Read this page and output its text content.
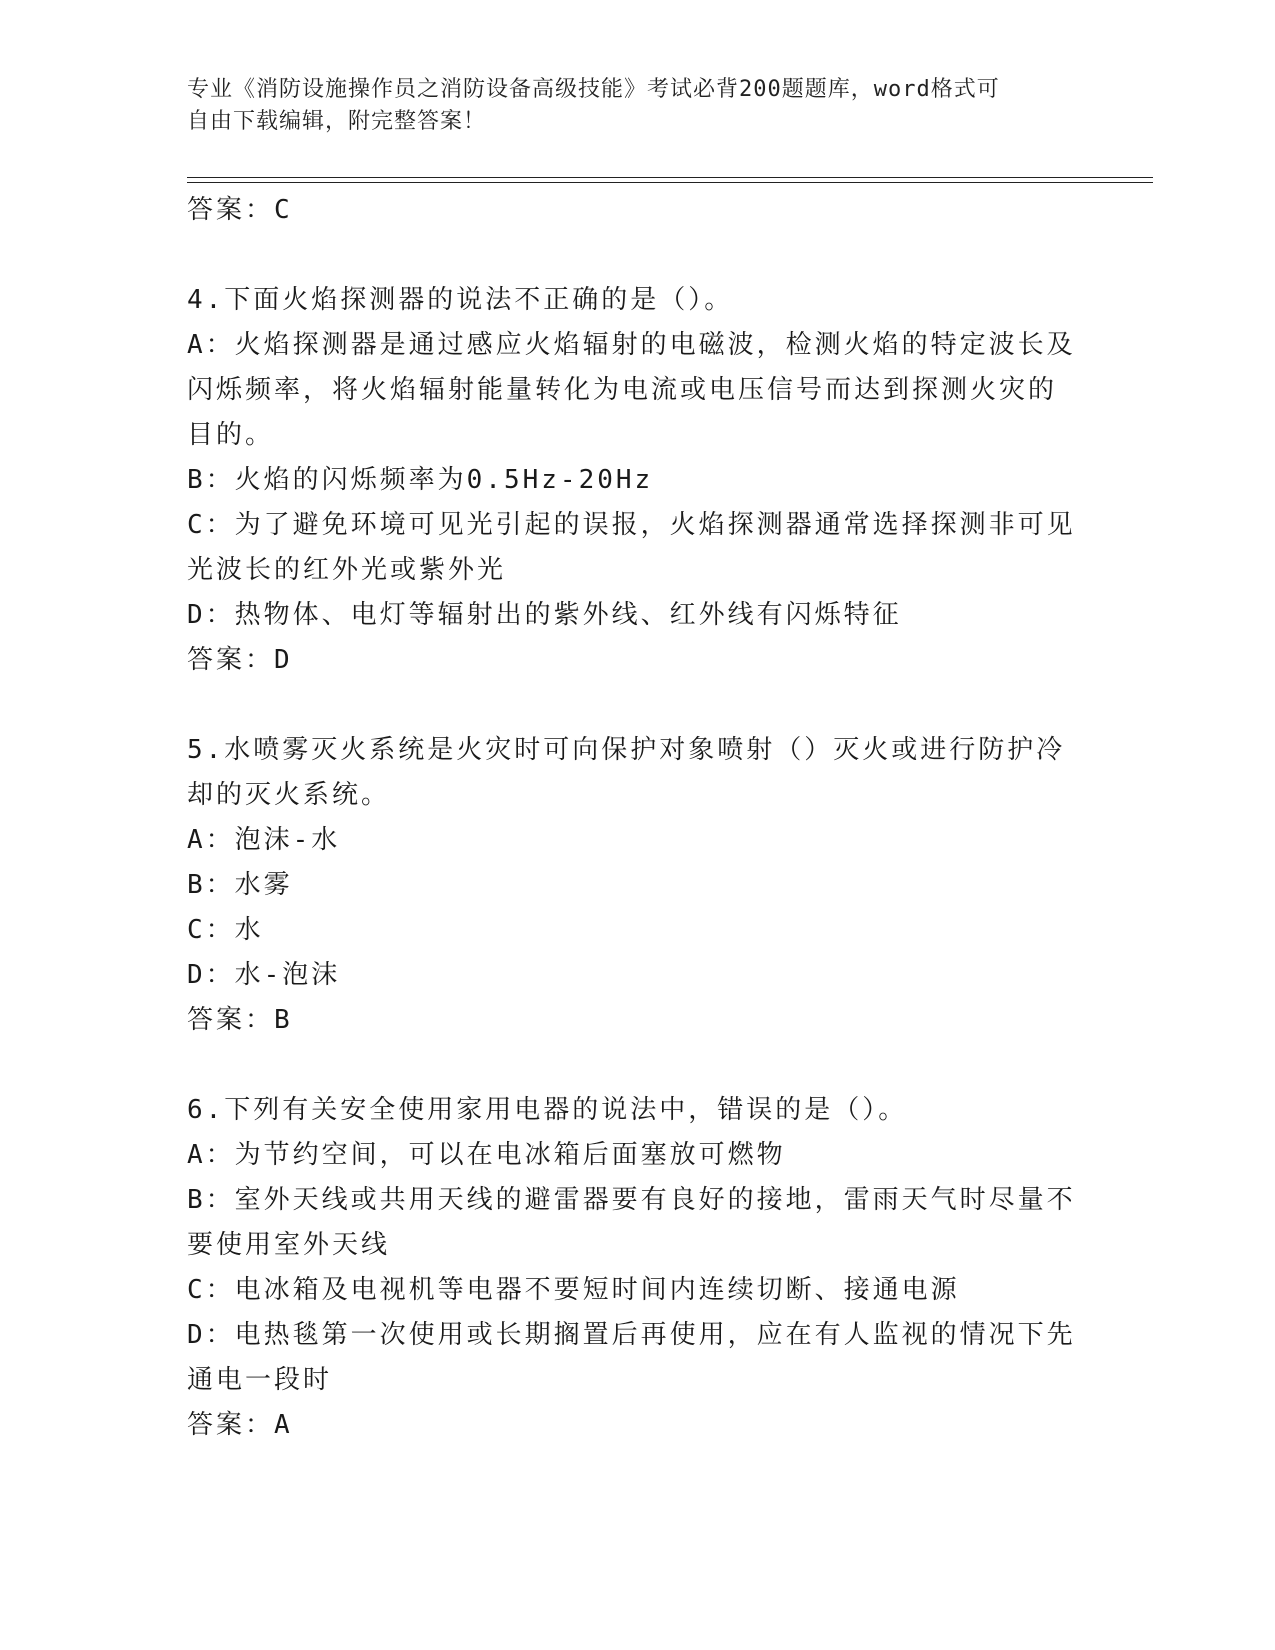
专业《消防设施操作员之消防设备高级技能》考试必背200题题库，word格式可
自由下载编辑，附完整答案！
答案：C
4.下面火焰探测器的说法不正确的是（）。
A：火焰探测器是通过感应火焰辐射的电磁波，检测火焰的特定波长及
闪烁频率，将火焰辐射能量转化为电流或电压信号而达到探测火灾的
目的。
B：火焰的闪烁频率为0.5Hz-20Hz
C：为了避免环境可见光引起的误报，火焰探测器通常选择探测非可见
光波长的红外光或紫外光
D：热物体、电灯等辐射出的紫外线、红外线有闪烁特征
答案：D
5.水喷雾灭火系统是火灾时可向保护对象喷射（）灭火或进行防护冷
却的灭火系统。
A：泡沫-水
B：水雾
C：水
D：水-泡沫
答案：B
6.下列有关安全使用家用电器的说法中，错误的是（）。
A：为节约空间，可以在电冰箱后面塞放可燃物
B：室外天线或共用天线的避雷器要有良好的接地，雷雨天气时尽量不
要使用室外天线
C：电冰箱及电视机等电器不要短时间内连续切断、接通电源
D：电热毯第一次使用或长期搁置后再使用，应在有人监视的情况下先
通电一段时
答案：A
